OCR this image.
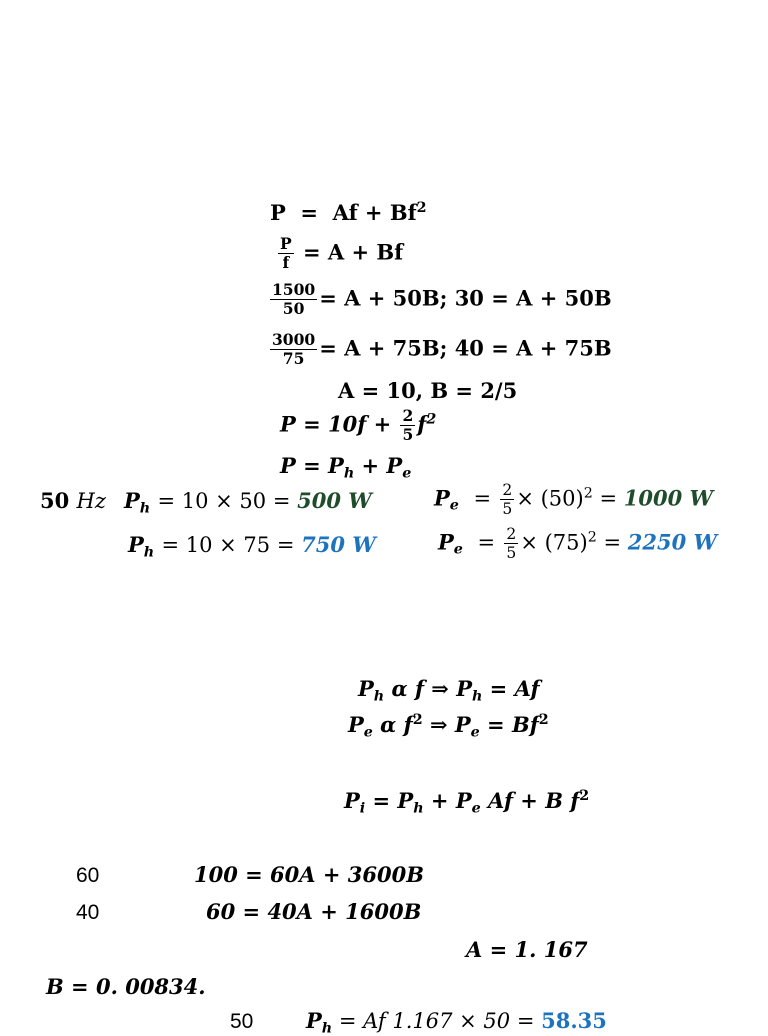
$P = Af + Bf^2$
$\frac{P}{f} = A + Bf$
$\frac{1500}{50} = A + 50B$; 30 = A + 50B
$\frac{3000}{75} = A + 75B$; 40 = A + 75B
A = 10, B = 2/5
$P = 10f + \frac{2}{5} f^2$
$P = P_h + P_e$
50 Hz $P_h = 10 \times 50 = 500$ W	$P_e = \frac{2}{5} \times (50)^2 = 1000$ W
$P_h = 10 \times 75 = 750$ W	$P_e = \frac{2}{5} \times (75)^2 = 2250$ W
$P_h$ α f ⇒ $P_h = Af$
$P_e$ α $f^2$ ⇒ $P_e = Bf^2$
$P_i = P_h + P_e$ Af + B $f^2$
60	100 = 60A + 3600B
40	60 = 40A + 1600B
A = 1. 167
B = 0. 00834.
50	$P_h = Af$ 1.167 × 50 = 58.35
